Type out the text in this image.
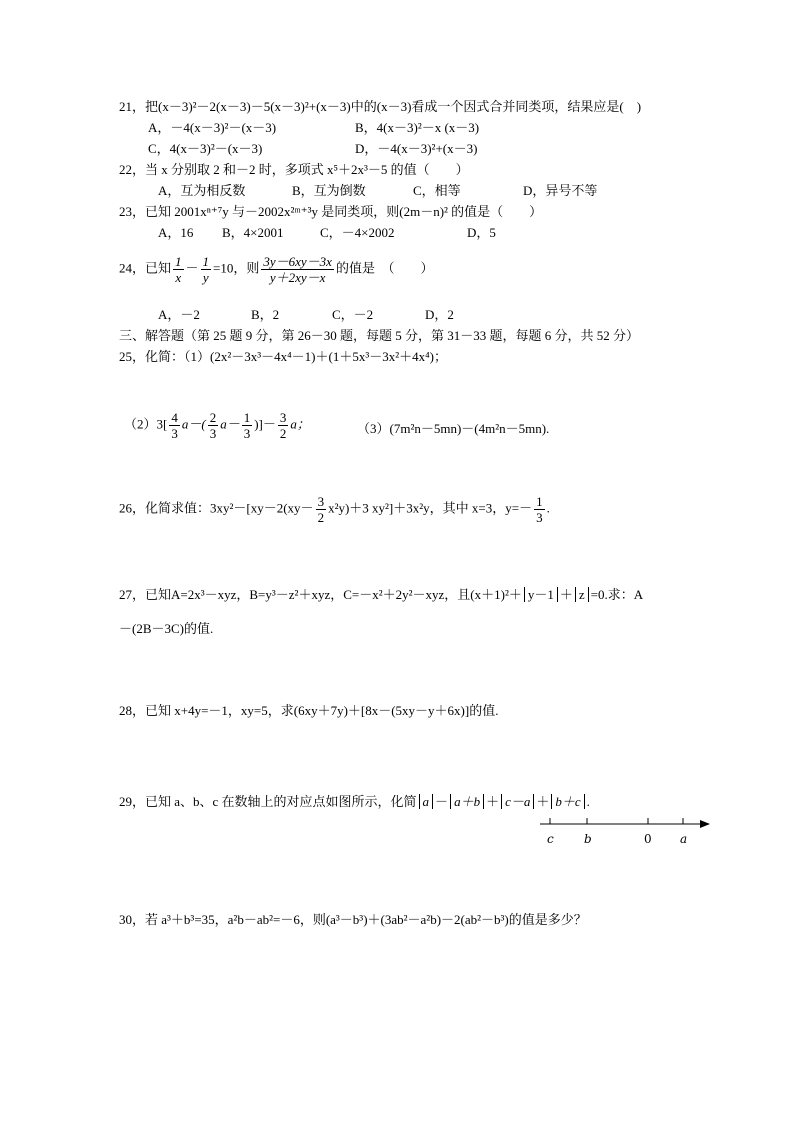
21，把(x－3)²－2(x－3)－5(x－3)²+(x－3)中的(x－3)看成一个因式合并同类项，结果应是(　)
A，－4(x－3)²－(x－3)	B，4(x－3)²－x (x－3)
C，4(x－3)²－(x－3)	D，－4(x－3)²+(x－3)
22，当 x 分别取 2 和－2 时，多项式 x⁵＋2x³－5 的值（　　）
A，互为相反数	B，互为倒数	C，相等	D，异号不等
23，已知 2001xⁿ⁺⁷y 与－2002x²ᵐ⁺³y 是同类项，则(2m－n)² 的值是（　　）
A，16 B，4×2001	C，－4×2002	D，5
24，已知 $\frac{1}{x} - \frac{1}{y} =10$，则 $\frac{3y-6xy-3x}{y+2xy-x}$ 的值是　（　　）
A，－2	B，2	C，－2	D，2
三、解答题（第 25 题 9 分，第 26－30 题，每题 5 分，第 31－33 题，每题 6 分，共 52 分）
25，化简：（1）(2x²－3x³－4x⁴－1)＋(1＋5x³－3x²＋4x⁴)；
$(2)3[ \frac{4}{3} a-( \frac{2}{3} a- \frac{1}{3}$ )]－ $\frac{3}{2}$ a；	（3）(7m²n－5mn)－(4m²n－5mn).
26，化简求值：$3xy^2-[xy-2(xy- \frac{3}{2} x^2y)+3$ xy²]＋3x²y，其中 x=3，$y=- \frac{1}{3}$ .
27，已知A=2x³－xyz，B=y³－z²＋xyz，C=－x²＋2y²－xyz，且(x＋1)²＋ y－1 ＋ z =0.求：A
－(2B－3C)的值.
28，已知 x+4y=－1，xy=5，求(6xy＋7y)＋[8x－(5xy－y＋6x)]的值.
29，已知 a、b、c 在数轴上的对应点如图所示，化简 a － a＋b ＋ c－a ＋ b＋c .
c	b	0 a
30，若 a³＋b³=35，a²b－ab²=－6，则(a³－b³)＋(3ab²－a²b)－2(ab²－b³)的值是多少？
